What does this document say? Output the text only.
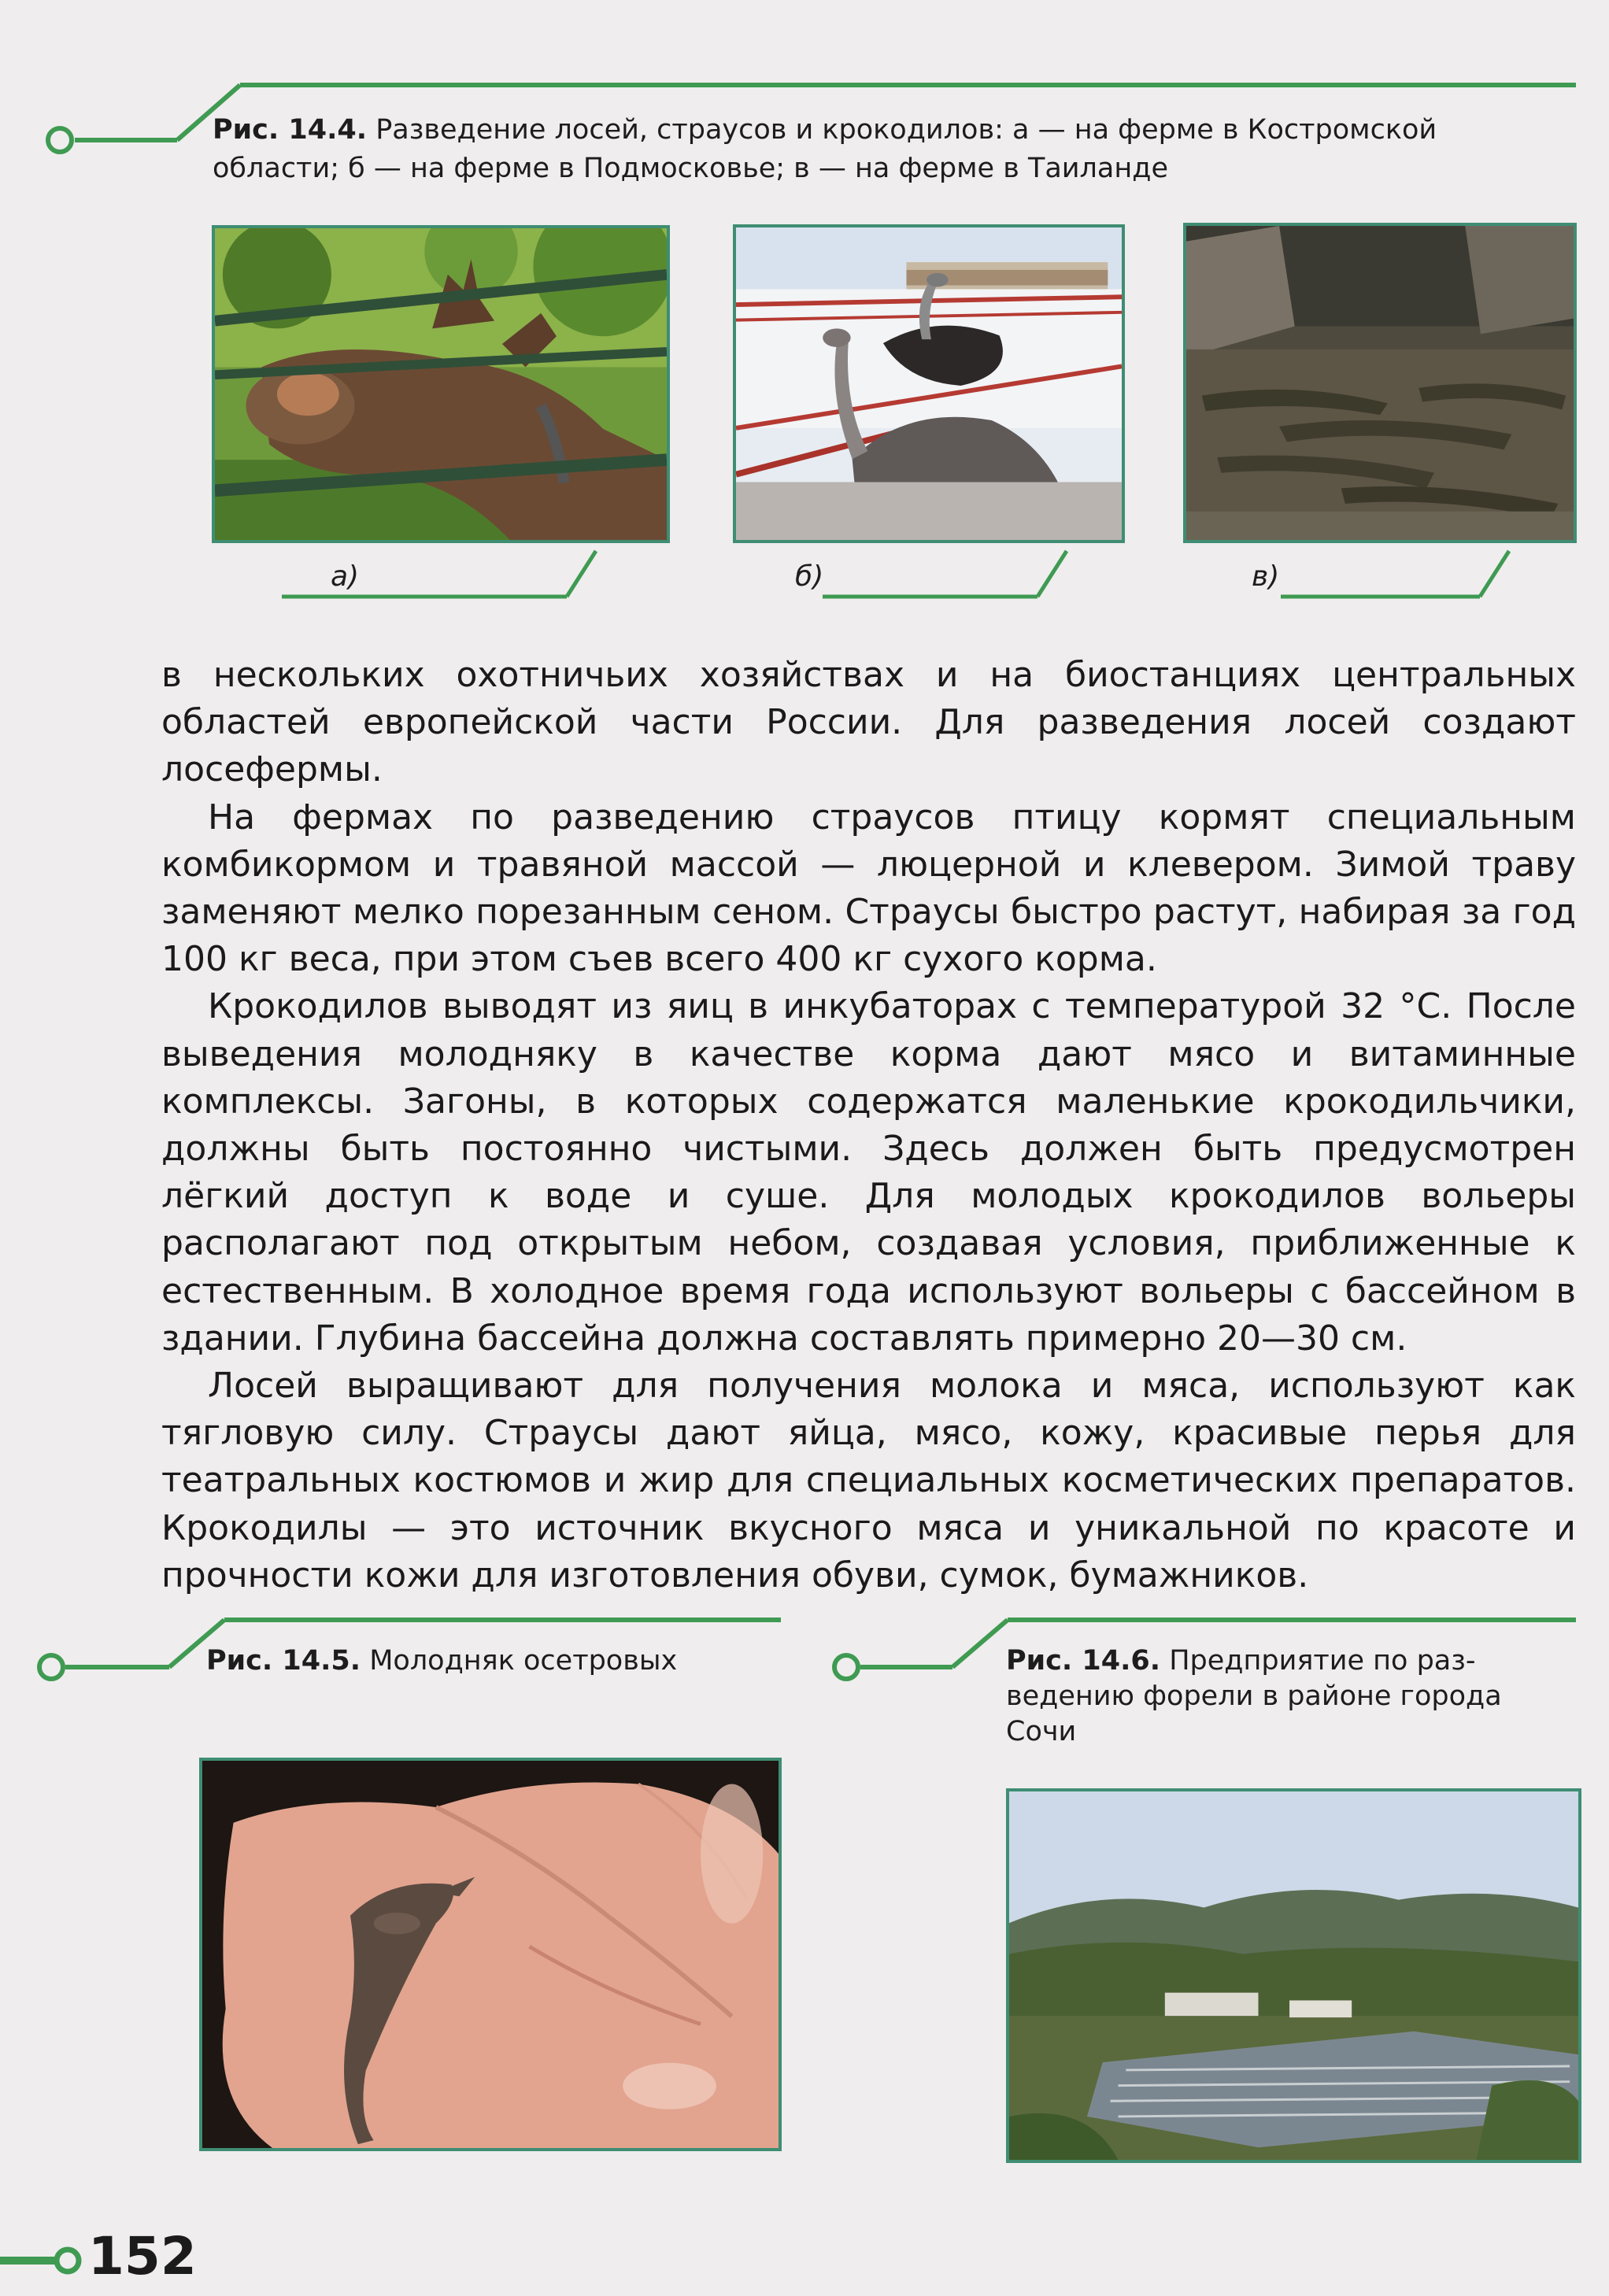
Рис. 14.4. Разведение лосей, страусов и крокодилов: а — на ферме в Костромской
области; б — на ферме в Подмосковье; в — на ферме в Таиланде
а)	б)	в)

в нескольких охотничьих хозяйствах и на биостанциях центральных областей европейской части России. Для разведения лосей создают лосефермы.

На фермах по разведению страусов птицу кормят специальным комбикормом и травяной массой — люцерной и клевером. Зимой траву заменяют мелко порезанным сеном. Страусы быстро растут, набирая за год 100 кг веса, при этом съев всего 400 кг сухого корма.

Крокодилов выводят из яиц в инкубаторах с температурой 32 °С. После выведения молодняку в качестве корма дают мясо и витаминные комплексы. Загоны, в которых содержатся маленькие крокодильчики, должны быть постоянно чистыми. Здесь должен быть предусмотрен лёгкий доступ к воде и суше. Для молодых крокодилов вольеры располагают под открытым небом, создавая условия, приближенные к естественным. В холодное время года используют вольеры с бассейном в здании. Глубина бассейна должна составлять примерно 20—30 см.

Лосей выращивают для получения молока и мяса, используют как тягловую силу. Страусы дают яйца, мясо, кожу, красивые перья для театральных костюмов и жир для специальных косметических препаратов. Крокодилы — это источник вкусного мяса и уникальной по красоте и прочности кожи для изготовления обуви, сумок, бумажников.

Рис. 14.5. Молодняк осетровых	Рис. 14.6. Предприятие по раз-
ведению форели в районе города
Сочи
152
